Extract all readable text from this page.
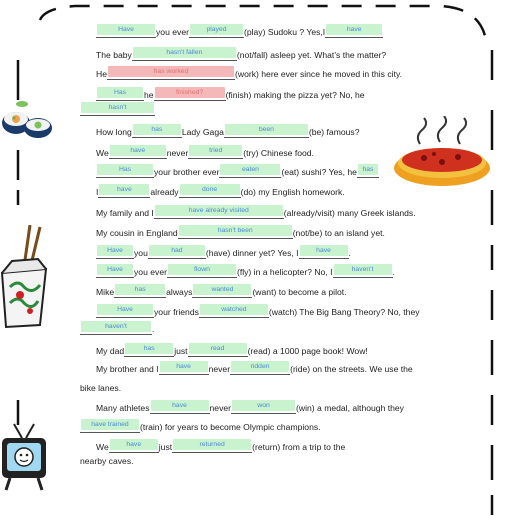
Have	you ever	played	(play) Sudoku ? Yes,I	have
The baby	hasn't fallen	(not/fall) asleep yet. What’s the matter?
He	has worked	(work) here ever since he moved in this city.
Has	he	finished?	(finish) making the pizza yet? No, he
hasn't
How long	has	Lady Gaga	been	(be) famous?
We	have	never	tried	(try) Chinese food.
Has	your brother ever	eaten	(eat) sushi? Yes, he has
I	have	already	done	(do) my English homework.
My family and I	have already visited	(already/visit) many Greek islands.
My cousin in England	hasn't been	(not/be) to an island yet.
Have	you	had	(have) dinner yet? Yes, I	have	.
Have	you ever	flown	(fly) in a helicopter? No, I	haven't	.
Mike	has	always	wanted	(want) to become a pilot.
Have	your friends	watched	(watch) The Big Bang Theory? No, they
haven't	.
My dad	has	just	read	(read) a 1000 page book! Wow!
My brother and I	have	never	ridden	(ride) on the streets. We use the
bike lanes.
Many athletes	have	never	won	(win) a medal, although they
have trained	(train) for years to become Olympic champions.
We	have	just	returned	(return) from a trip to the
nearby caves.
